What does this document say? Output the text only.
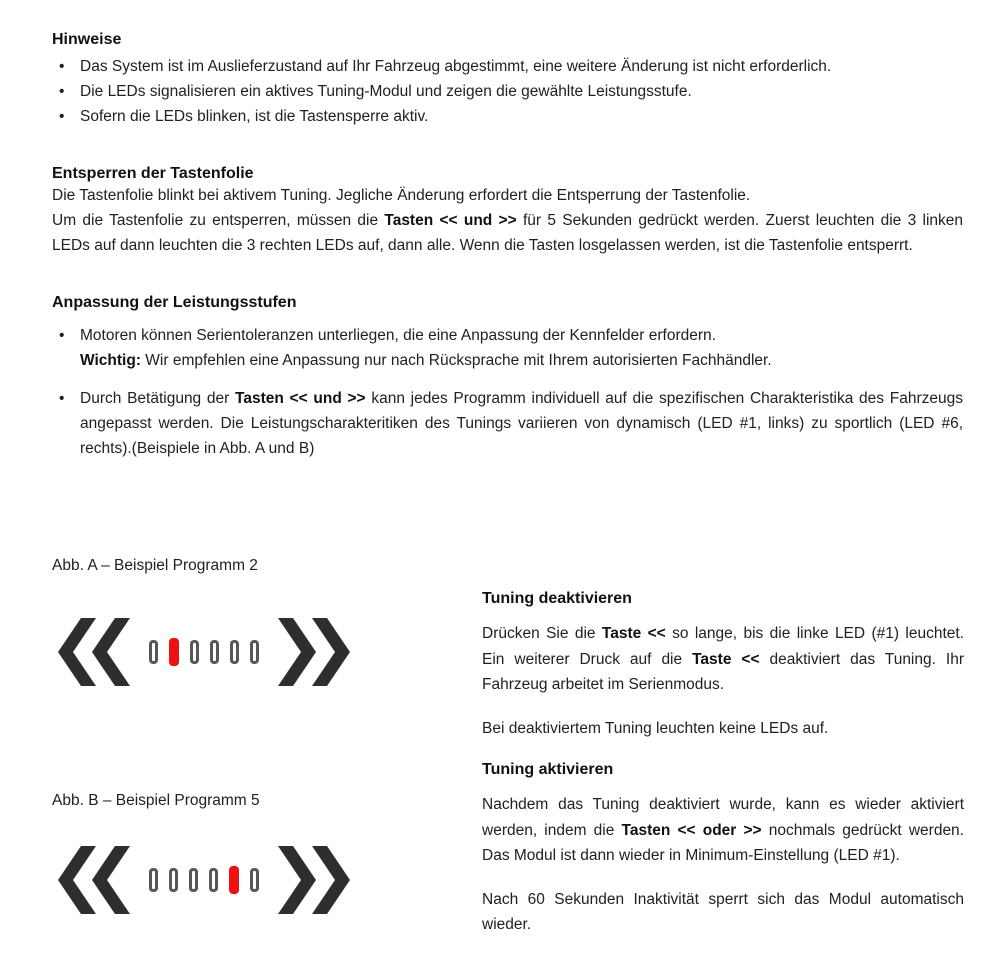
Hinweise
• Das System ist im Auslieferzustand auf Ihr Fahrzeug abgestimmt, eine weitere Änderung ist nicht erforderlich.
• Die LEDs signalisieren ein aktives Tuning-Modul und zeigen die gewählte Leistungsstufe.
• Sofern die LEDs blinken, ist die Tastensperre aktiv.
Entsperren der Tastenfolie
Die Tastenfolie blinkt bei aktivem Tuning. Jegliche Änderung erfordert die Entsperrung der Tastenfolie.
Um die Tastenfolie zu entsperren, müssen die Tasten << und >> für 5 Sekunden gedrückt werden. Zuerst leuchten die 3 linken LEDs auf dann leuchten die 3 rechten LEDs auf, dann alle. Wenn die Tasten losgelassen werden, ist die Tastenfolie entsperrt.
Anpassung der Leistungsstufen
• Motoren können Serientoleranzen unterliegen, die eine Anpassung der Kennfelder erfordern.
Wichtig: Wir empfehlen eine Anpassung nur nach Rücksprache mit Ihrem autorisierten Fachhändler.
• Durch Betätigung der Tasten << und >> kann jedes Programm individuell auf die spezifischen Charakteristika des Fahrzeugs angepasst werden. Die Leistungscharakteritiken des Tunings variieren von dynamisch (LED #1, links) zu sportlich (LED #6, rechts).(Beispiele in Abb. A und B)
Abb. A – Beispiel Programm 2
Abb. B – Beispiel Programm 5
Tuning deaktivieren

Drücken Sie die Taste << so lange, bis die linke LED (#1) leuchtet. Ein weiterer Druck auf die Taste << deaktiviert das Tuning. Ihr Fahrzeug arbeitet im Serienmodus.

Bei deaktiviertem Tuning leuchten keine LEDs auf.

Tuning aktivieren

Nachdem das Tuning deaktiviert wurde, kann es wieder aktiviert werden, indem die Tasten << oder >> nochmals gedrückt werden. Das Modul ist dann wieder in Minimum-Einstellung (LED #1).

Nach 60 Sekunden Inaktivität sperrt sich das Modul automatisch wieder.
